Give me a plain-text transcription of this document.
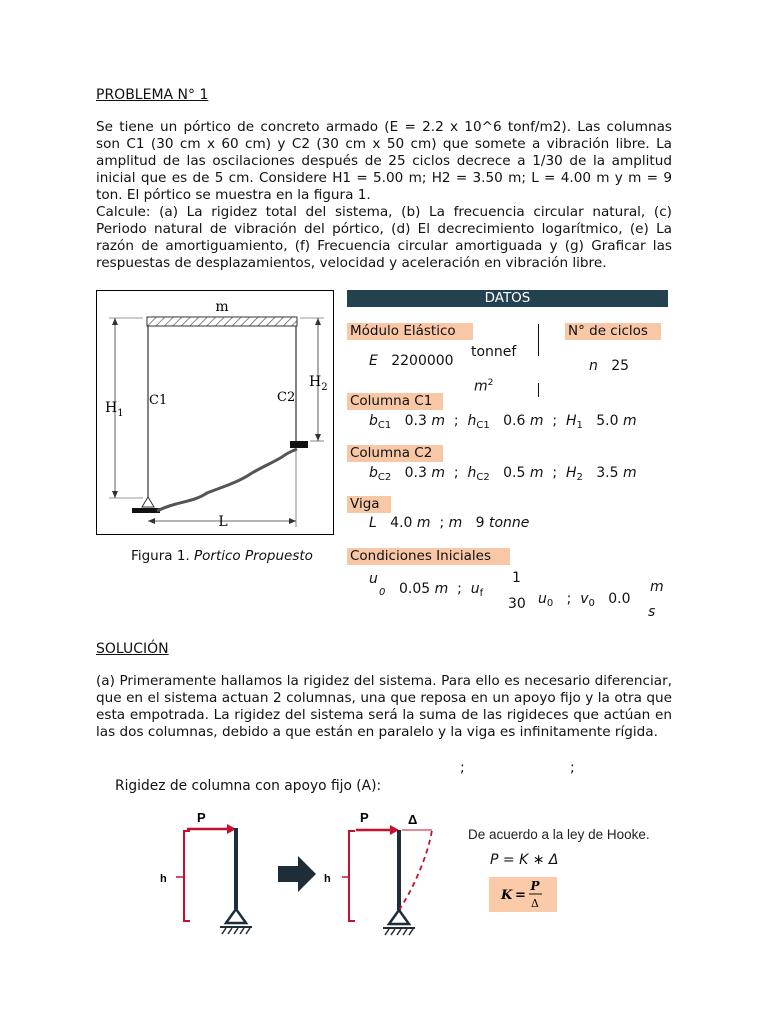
PROBLEMA N° 1
Se tiene un pórtico de concreto armado (E = 2.2 x 10^6 tonf/m2). Las columnas son C1 (30 cm x 60 cm) y C2 (30 cm x 50 cm) que somete a vibración libre. La amplitud de las oscilaciones después de 25 ciclos decrece a 1/30 de la amplitud inicial que es de 5 cm. Considere H1 = 5.00 m; H2 = 3.50 m; L = 4.00 m y m = 9 ton. El pórtico se muestra en la figura 1.
Calcule: (a) La rigidez total del sistema, (b) La frecuencia circular natural, (c) Periodo natural de vibración del pórtico, (d) El decrecimiento logarítmico, (e) La razón de amortiguamiento, (f) Frecuencia circular amortiguada y (g) Graficar las respuestas de desplazamientos, velocidad y aceleración en vibración libre.
m
C1	C2
$H_1$
$H_2$
L
Figura 1. Portico Propuesto
DATOS
Módulo Elástico	N° de ciclos
E 2200000
tonnef
$m^2$
n 25
Columna C1
$b_{C1}$ 0.3 m ; $h_{C1}$ 0.6 m ; $H_1$ 5.0 m
Columna C2
$b_{C2}$ 0.3 m ; $h_{C2}$ 0.5 m ; $H_2$ 3.5 m
Viga
L 4.0 m ; m 9 tonne
Condiciones Iniciales
u
0 0.05 m ; $u_f$
1
30 $u_0$ ; $v_0$ 0.0
m
s
SOLUCIÓN
(a) Primeramente hallamos la rigidez del sistema. Para ello es necesario diferenciar, que en el sistema actuan 2 columnas, una que reposa en un apoyo fijo y la otra que esta empotrada. La rigidez del sistema será la suma de las rigideces que actúan en las dos columnas, debido a que están en paralelo y la viga es infinitamente rígida.
;	;
Rigidez de columna con apoyo fijo (A):
P
h
P	Δ
h
De acuerdo a la ley de Hooke.
P = K ∗ Δ
K =
P
Δ
